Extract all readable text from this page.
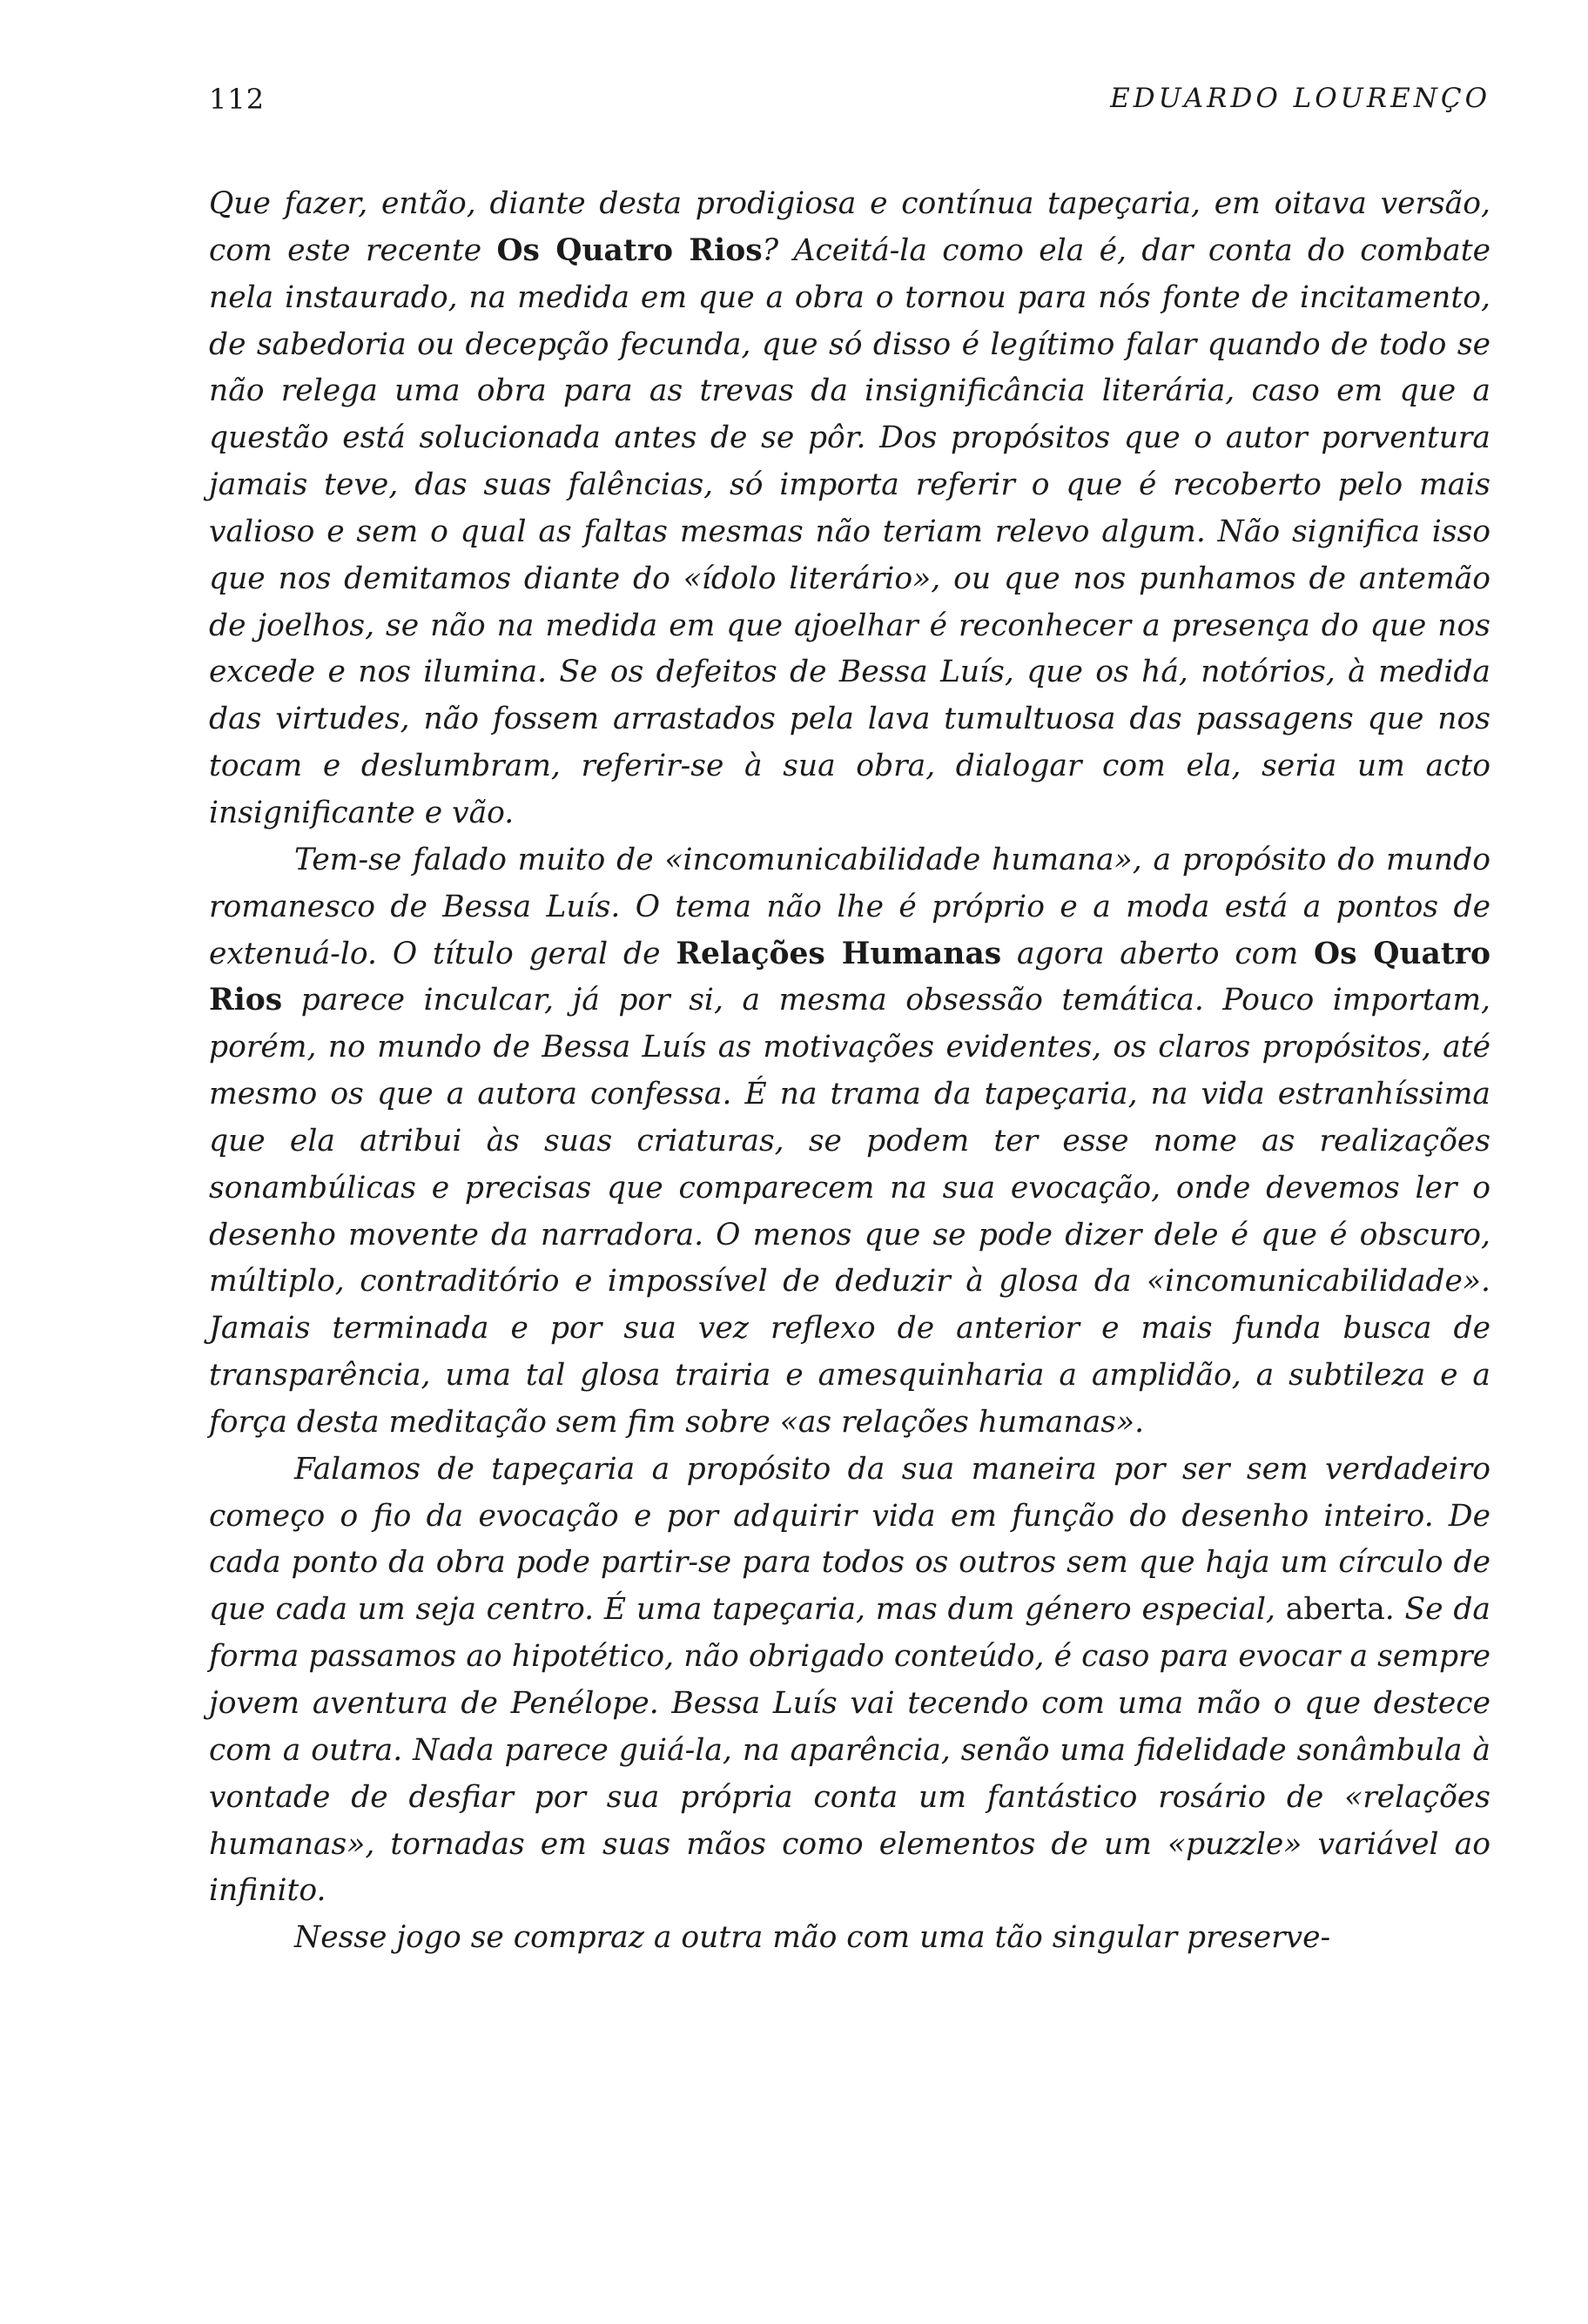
112	EDUARDO LOURENÇO

Que fazer, então, diante desta prodigiosa e contínua tapeçaria, em oitava versão, com este recente Os Quatro Rios? Aceitá-la como ela é, dar conta do combate nela instaurado, na medida em que a obra o tornou para nós fonte de incitamento, de sabedoria ou decepção fecunda, que só disso é legítimo falar quando de todo se não relega uma obra para as trevas da insignificância literária, caso em que a questão está solucionada antes de se pôr. Dos propósitos que o autor porventura jamais teve, das suas falências, só importa referir o que é recoberto pelo mais valioso e sem o qual as faltas mesmas não teriam relevo algum. Não significa isso que nos demitamos diante do «ídolo literário», ou que nos punhamos de antemão de joelhos, se não na medida em que ajoelhar é reconhecer a presença do que nos excede e nos ilumina. Se os defeitos de Bessa Luís, que os há, notórios, à medida das virtudes, não fossem arrastados pela lava tumultuosa das passagens que nos tocam e deslumbram, referir-se à sua obra, dialogar com ela, seria um acto insignificante e vão.

Tem-se falado muito de «incomunicabilidade humana», a propósito do mundo romanesco de Bessa Luís. O tema não lhe é próprio e a moda está a pontos de extenuá-lo. O título geral de Relações Humanas agora aberto com Os Quatro Rios parece inculcar, já por si, a mesma obsessão temática. Pouco importam, porém, no mundo de Bessa Luís as motivações evidentes, os claros propósitos, até mesmo os que a autora confessa. É na trama da tapeçaria, na vida estranhíssima que ela atribui às suas criaturas, se podem ter esse nome as realizações sonambúlicas e precisas que comparecem na sua evocação, onde devemos ler o desenho movente da narradora. O menos que se pode dizer dele é que é obscuro, múltiplo, contraditório e impossível de deduzir à glosa da «incomunicabilidade». Jamais terminada e por sua vez reflexo de anterior e mais funda busca de transparência, uma tal glosa trairia e amesquinharia a amplidão, a subtileza e a força desta meditação sem fim sobre «as relações humanas».

Falamos de tapeçaria a propósito da sua maneira por ser sem verdadeiro começo o fio da evocação e por adquirir vida em função do desenho inteiro. De cada ponto da obra pode partir-se para todos os outros sem que haja um círculo de que cada um seja centro. É uma tapeçaria, mas dum género especial, aberta. Se da forma passamos ao hipotético, não obrigado conteúdo, é caso para evocar a sempre jovem aventura de Penélope. Bessa Luís vai tecendo com uma mão o que destece com a outra. Nada parece guiá-la, na aparência, senão uma fidelidade sonâmbula à vontade de desfiar por sua própria conta um fantástico rosário de «relações humanas», tornadas em suas mãos como elementos de um «puzzle» variável ao infinito.

Nesse jogo se compraz a outra mão com uma tão singular preserve-
